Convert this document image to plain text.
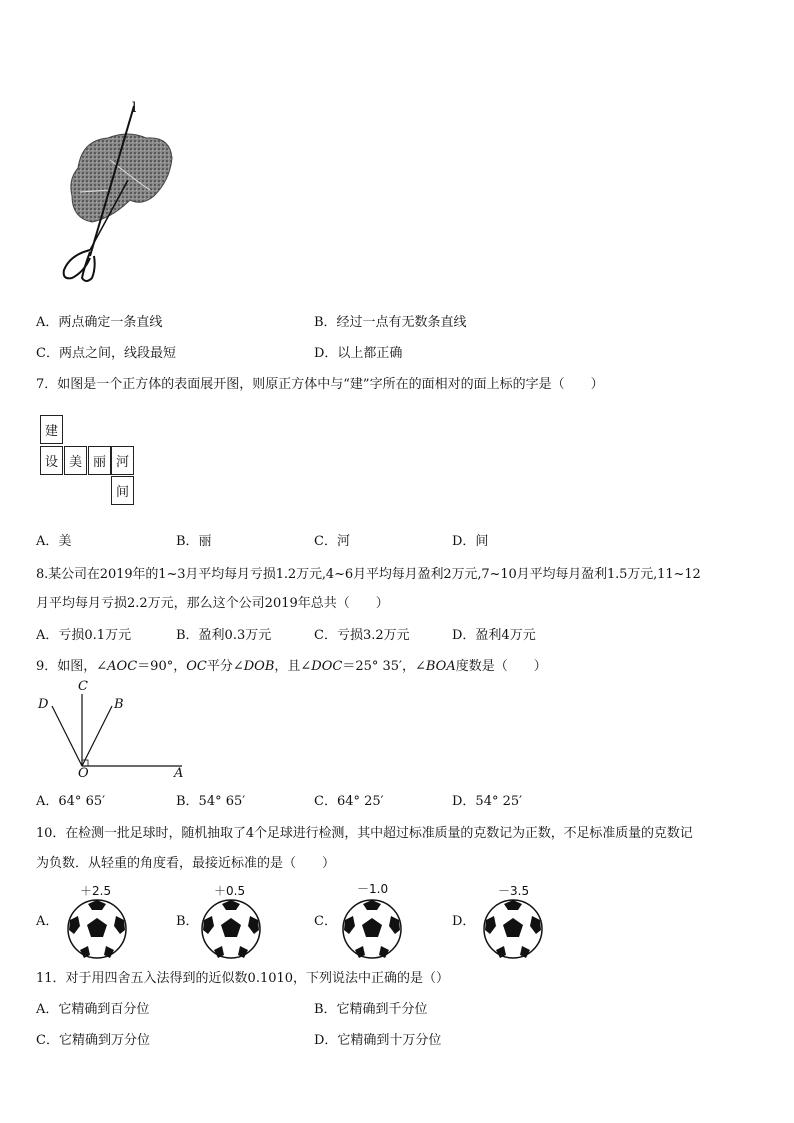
l
A．两点确定一条直线	B．经过一点有无数条直线
C．两点之间，线段最短	D．以上都正确
7．如图是一个正方体的表面展开图，则原正方体中与“建”字所在的面相对的面上标的字是（　　）
建
设 美 丽 河
间
A．美	B．丽	C．河	D．间
8.某公司在2019年的1~3月平均每月亏损1.2万元,4~6月平均每月盈利2万元,7~10月平均每月盈利1.5万元,11~12
月平均每月亏损2.2万元，那么这个公司2019年总共（　　）
A．亏损0.1万元	B．盈利0.3万元	C．亏损3.2万元	D．盈利4万元
9．如图，∠AOC＝90°，OC平分∠DOB，且∠DOC＝25° 35′，∠BOA度数是（　　）
C
D	B
O	A
A．64° 65′	B．54° 65′	C．64° 25′	D．54° 25′
10．在检测一批足球时，随机抽取了4个足球进行检测，其中超过标准质量的克数记为正数，不足标准质量的克数记
为负数．从轻重的角度看，最接近标准的是（　　）
A．	B．	C．	D．
＋2.5	＋0.5	－1.0	－3.5
11．对于用四舍五入法得到的近似数0.1010，下列说法中正确的是（）
A．它精确到百分位	B．它精确到千分位
C．它精确到万分位	D．它精确到十万分位
